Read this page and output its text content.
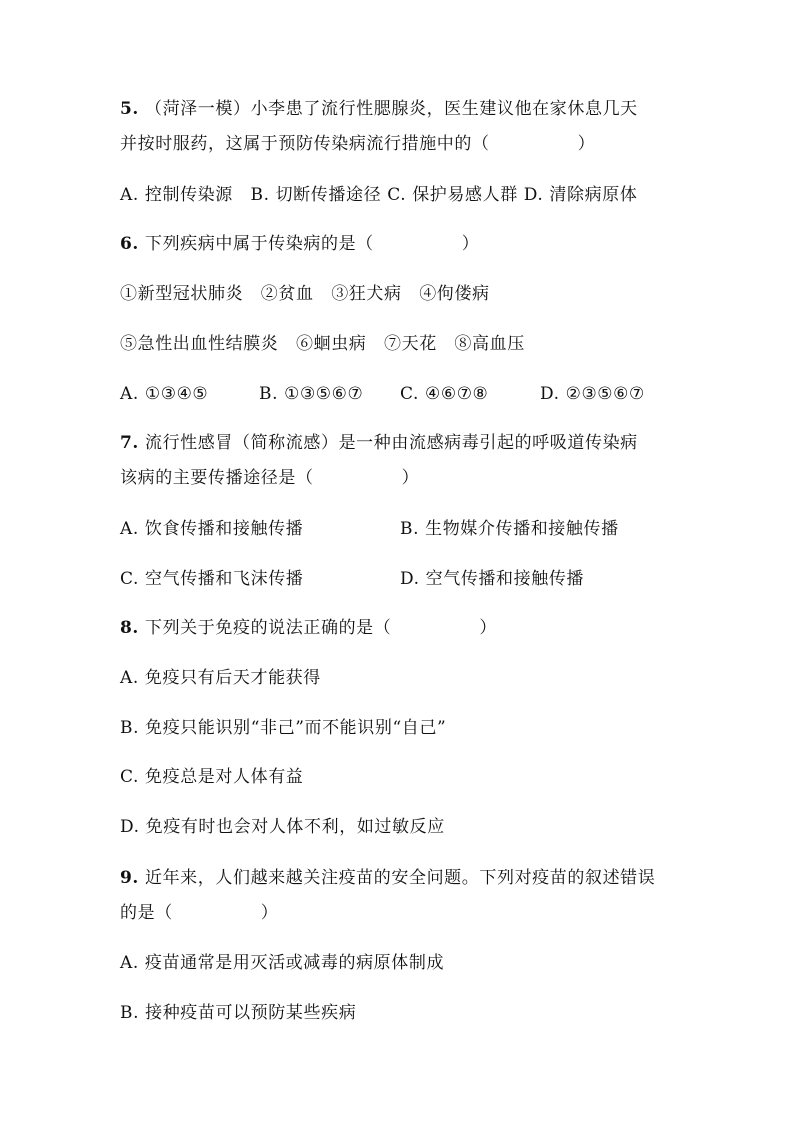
5. （菏泽一模）小李患了流行性腮腺炎，医生建议他在家休息几天
并按时服药，这属于预防传染病流行措施中的（　　　　　）
A. 控制传染源　B. 切断传播途径 C. 保护易感人群 D. 清除病原体
6. 下列疾病中属于传染病的是（　　　　　）
①新型冠状肺炎　②贫血　③狂犬病　④佝偻病
⑤急性出血性结膜炎　⑥蛔虫病　⑦天花　⑧高血压
A. ①③④⑤	B. ①③⑤⑥⑦ C. ④⑥⑦⑧	D. ②③⑤⑥⑦
7. 流行性感冒（简称流感）是一种由流感病毒引起的呼吸道传染病
该病的主要传播途径是（　　　　　）
A. 饮食传播和接触传播	B. 生物媒介传播和接触传播
C. 空气传播和飞沫传播	D. 空气传播和接触传播
8. 下列关于免疫的说法正确的是（　　　　　）
A. 免疫只有后天才能获得
B. 免疫只能识别“非己”而不能识别“自己”
C. 免疫总是对人体有益
D. 免疫有时也会对人体不利，如过敏反应
9. 近年来，人们越来越关注疫苗的安全问题。下列对疫苗的叙述错误
的是（　　　　　）
A. 疫苗通常是用灭活或减毒的病原体制成
B. 接种疫苗可以预防某些疾病
